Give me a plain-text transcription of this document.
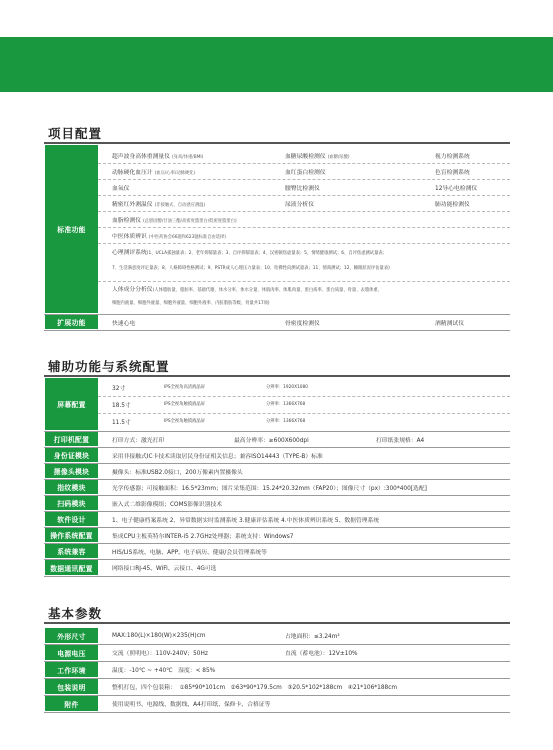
项目配置
标准功能
超声波身高体重测量仪 (身高/体重/BMI)	血糖尿酸检测仪 (血糖/尿酸)	视力检测系统
动脉硬化血压计 (血压/心率/动脉硬化)	血红蛋白检测仪	色盲检测系统
血氧仪	腰臀比检测仪	12导心电检测仪
精密红外测温仪 (非接触式、自动感应测温)	尿液分析仪	肺功能检测仪
血脂检测仪 (总胆固醇/甘油三酯/高密度脂蛋白/低密度脂蛋白)
中医体质辨识 (中医药协会66题和623题标准自由选择)
心理测评系统(1、UCLA孤独量表；2、老年抑郁量表；3、自评抑郁量表；4、汉密顿焦虑量表；5、情绪健康测试；6、自评焦虑测试量表；
7、生活满意度评定量表；8、人格障碍性格测试；9、PSTR成人心理压力量表；10、哈佛性向测试量表；11、情商测试；12、睡眠状况评估量表)
人体成分分析仪(人体脂肪量、脂肪率、基础代谢、体水分率、体水分量、体肌肉率、体肌肉量、蛋白质率、蛋白质量、骨量、去脂体重、
细胞内液量、细胞外液量、细胞外液量、细胞外液率、内脏脂肪等级、骨量共17项)
扩展功能	快速心电	骨密度检测仪	酒精测试仪
辅助功能与系统配置
屏幕配置
32寸	IPS全视角高清液晶屏	分辨率：1920X1080
18.5寸	IPS全视角触摸液晶屏	分辨率：1366X768
11.5寸	IPS全视角触摸液晶屏	分辨率：1366X768
打印机配置	打印方式：激光打印	最高分辨率：≥600X600dpi	打印纸张规格：A4
身份证模块	采用非接触式IC卡技术读取居民身份证相关信息；兼容ISO14443（TYPE-B）标准
摄像头模块	摄像头：标准USB2.0接口，200万像素内置摄像头
指纹模块	光学传感器；可接触面积：16.5*23mm；图片采集范围：15.24*20.32mm（FAP20）；图像尺寸（px）:300*400[选配]
扫码模块	嵌入式二维影像模组；COMS影像识别技术
软件设计	1、电子健康档案系统 2、异常数据实时监测系统 3.健康评估系统 4.中医体质辨识系统 5、数据管理系统
操作系统配置	集成CPU主板英特尔INTER-i5 2.7GHz处理器；系统支持：Windows7
系统兼容	HIS/LIS系统、电脑、APP、电子病历、健康/会员管理系统等
数据通讯配置	网络接口RJ-45、WiFi、云接口、4G可选
基本参数
外形尺寸	MAX:180(L)×180(W)×235(H)cm	占地面积：≤3.24m²
电源电压	交流（照明电）：110V-240V；50Hz	直流（蓄电池）：12V±10%
工作环境	温度：-10℃ ~ +40℃   湿度：< 85%
包装说明	整机打包，四个包装箱：  ①85*90*101cm   ②63*90*179.5cm   ③20.5*102*188cm   ④21*106*188cm
附件	使用说明书、电源线、数据线、A4打印纸、保修卡、合格证等
